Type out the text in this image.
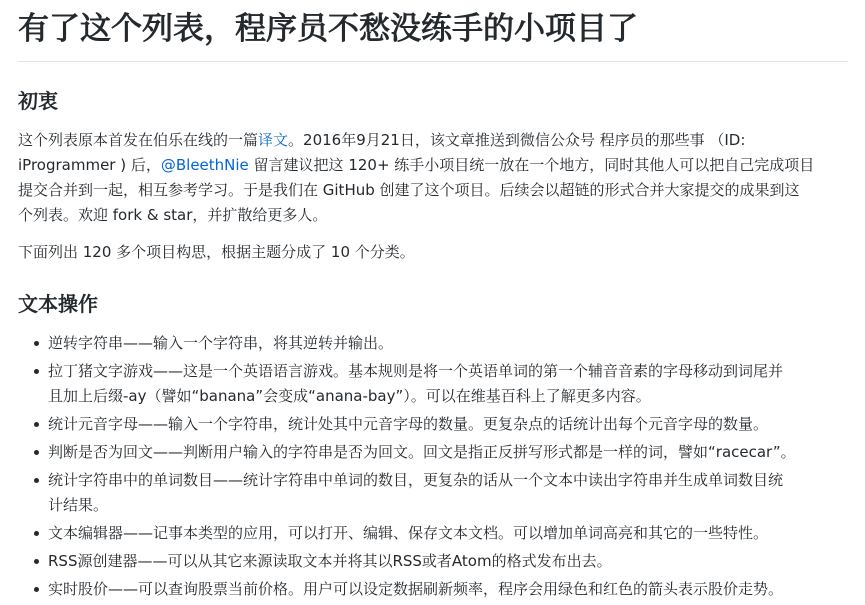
有了这个列表，程序员不愁没练手的小项目了
初衷

这个列表原本首发在伯乐在线的一篇译文。2016年9月21日，该文章推送到微信公众号 程序员的那些事 （ID:
iProgrammer ) 后，@BleethNie 留言建议把这 120+ 练手小项目统一放在一个地方，同时其他人可以把自己完成项目
提交合并到一起，相互参考学习。于是我们在 GitHub 创建了这个项目。后续会以超链的形式合并大家提交的成果到这
个列表。欢迎 fork & star，并扩散给更多人。

下面列出 120 多个项目构思，根据主题分成了 10 个分类。

文本操作
逆转字符串——输入一个字符串，将其逆转并输出。
拉丁猪文字游戏——这是一个英语语言游戏。基本规则是将一个英语单词的第一个辅音音素的字母移动到词尾并
且加上后缀-ay（譬如“banana”会变成“anana-bay”）。可以在维基百科上了解更多内容。
统计元音字母——输入一个字符串，统计处其中元音字母的数量。更复杂点的话统计出每个元音字母的数量。
判断是否为回文——判断用户输入的字符串是否为回文。回文是指正反拼写形式都是一样的词，譬如“racecar”。
统计字符串中的单词数目——统计字符串中单词的数目，更复杂的话从一个文本中读出字符串并生成单词数目统
计结果。
文本编辑器——记事本类型的应用，可以打开、编辑、保存文本文档。可以增加单词高亮和其它的一些特性。
RSS源创建器——可以从其它来源读取文本并将其以RSS或者Atom的格式发布出去。
实时股价——可以查询股票当前价格。用户可以设定数据刷新频率，程序会用绿色和红色的箭头表示股价走势。
